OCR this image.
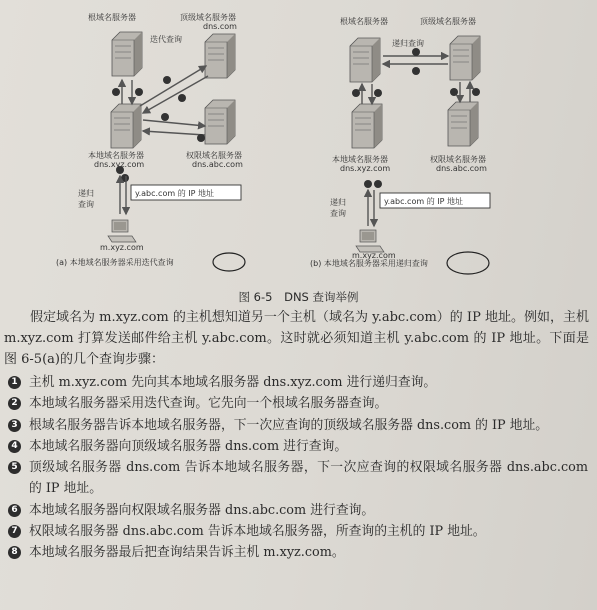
根域名服务器	顶级域名服务器
dns.com
迭代查询
1
2	3
4
5
6
7
8
本地域名服务器
dns.xyz.com
权限域名服务器
dns.abc.com
递归
查询
y.abc.com 的 IP 地址
m.xyz.com
(a) 本地域名服务器采用迭代查询
根域名服务器	顶级域名服务器
递归查询
1
2
3
4 5
6
7
8
本地域名服务器
dns.xyz.com
权限域名服务器
dns.abc.com
递归
查询
y.abc.com 的 IP 地址
m.xyz.com
(b) 本地域名服务器采用递归查询
图 6-5 DNS 查询举例
假定域名为 m.xyz.com 的主机想知道另一个主机（域名为 y.abc.com）的 IP 地址。例如，主机 m.xyz.com 打算发送邮件给主机 y.abc.com。这时就必须知道主机 y.abc.com 的 IP 地址。下面是图 6-5(a)的几个查询步骤：
1 主机 m.xyz.com 先向其本地域名服务器 dns.xyz.com 进行递归查询。
2 本地域名服务器采用迭代查询。它先向一个根域名服务器查询。
3 根域名服务器告诉本地域名服务器，下一次应查询的顶级域名服务器 dns.com 的 IP 地址。
4 本地域名服务器向顶级域名服务器 dns.com 进行查询。
5 顶级域名服务器 dns.com 告诉本地域名服务器，下一次应查询的权限域名服务器 dns.abc.com 的 IP 地址。
6 本地域名服务器向权限域名服务器 dns.abc.com 进行查询。
7 权限域名服务器 dns.abc.com 告诉本地域名服务器，所查询的主机的 IP 地址。
8 本地域名服务器最后把查询结果告诉主机 m.xyz.com。
